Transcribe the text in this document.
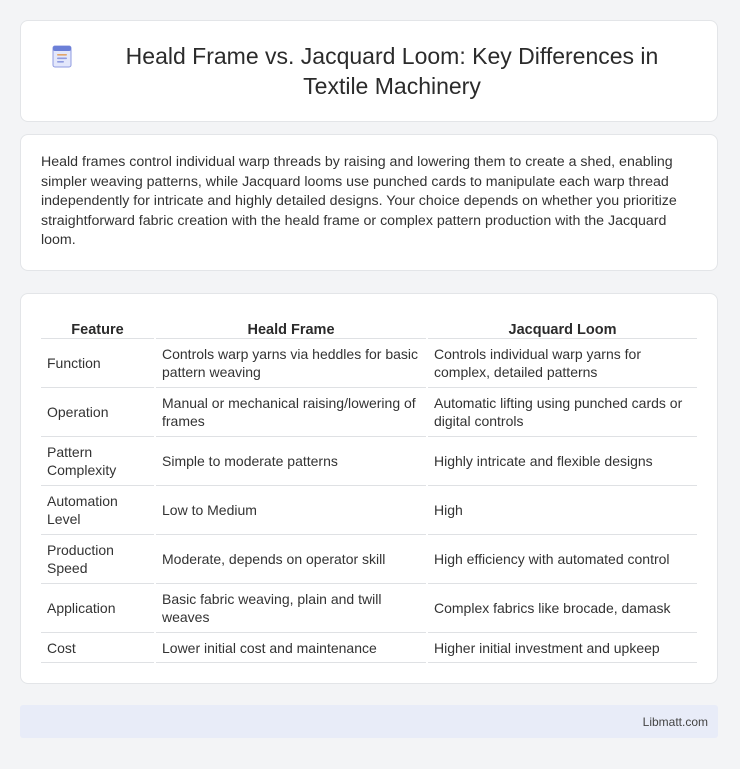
Heald Frame vs. Jacquard Loom: Key Differences in Textile Machinery

Heald frames control individual warp threads by raising and lowering them to create a shed, enabling simpler weaving patterns, while Jacquard looms use punched cards to manipulate each warp thread independently for intricate and highly detailed designs. Your choice depends on whether you prioritize straightforward fabric creation with the heald frame or complex pattern production with the Jacquard loom.

Feature	Heald Frame	Jacquard Loom
Function	Controls warp yarns via heddles for basic pattern weaving	Controls individual warp yarns for complex, detailed patterns
Operation	Manual or mechanical raising/lowering of frames	Automatic lifting using punched cards or digital controls
Pattern Complexity	Simple to moderate patterns	Highly intricate and flexible designs
Automation Level	Low to Medium	High
Production Speed	Moderate, depends on operator skill	High efficiency with automated control
Application	Basic fabric weaving, plain and twill weaves	Complex fabrics like brocade, damask
Cost	Lower initial cost and maintenance	Higher initial investment and upkeep
Libmatt.com
